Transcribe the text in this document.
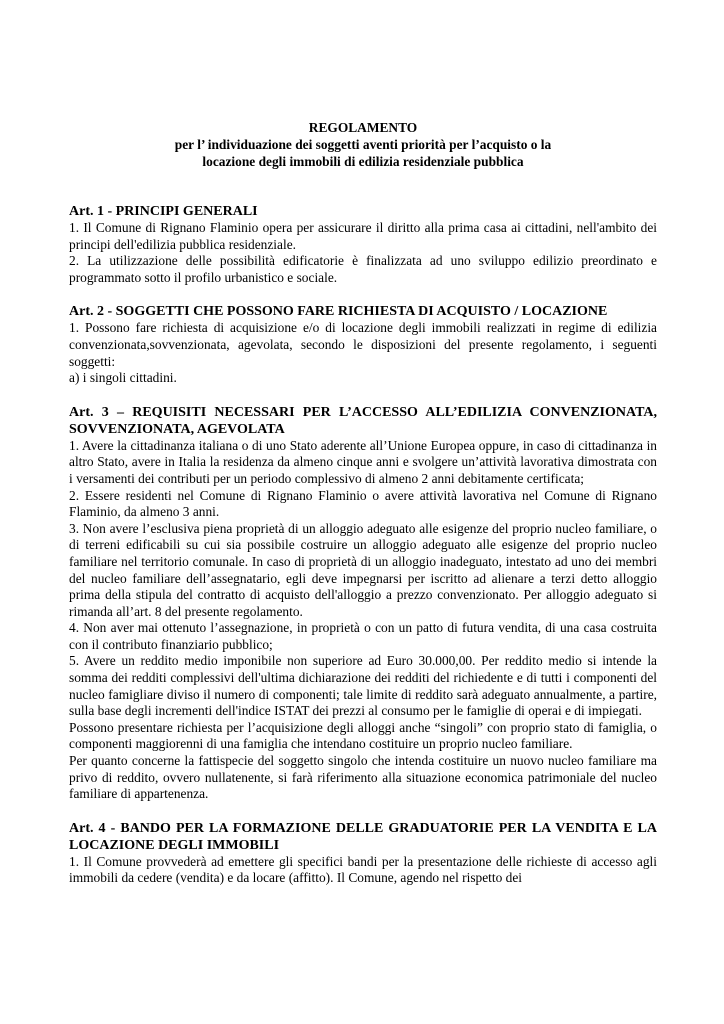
REGOLAMENTO
per l’ individuazione dei soggetti aventi priorità per l’acquisto o la
locazione degli immobili di edilizia residenziale pubblica
Art. 1 - PRINCIPI GENERALI

1. Il Comune di Rignano Flaminio opera per assicurare il diritto alla prima casa ai cittadini, nell'ambito dei principi dell'edilizia pubblica residenziale.

2. La utilizzazione delle possibilità edificatorie è finalizzata ad uno sviluppo edilizio preordinato e programmato sotto il profilo urbanistico e sociale.

Art. 2 - SOGGETTI CHE POSSONO FARE RICHIESTA DI ACQUISTO / LOCAZIONE

1. Possono fare richiesta di acquisizione e/o di locazione degli immobili realizzati in regime di edilizia convenzionata,sovvenzionata, agevolata, secondo le disposizioni del presente regolamento, i seguenti soggetti:

a) i singoli cittadini.

Art. 3 – REQUISITI NECESSARI PER L’ACCESSO ALL’EDILIZIA CONVENZIONATA, SOVVENZIONATA, AGEVOLATA

1. Avere la cittadinanza italiana o di uno Stato aderente all’Unione Europea oppure, in caso di cittadinanza in altro Stato, avere in Italia la residenza da almeno cinque anni e svolgere un’attività lavorativa dimostrata con i versamenti dei contributi per un periodo complessivo di almeno 2 anni debitamente certificata;

2. Essere residenti nel Comune di Rignano Flaminio o avere attività lavorativa nel Comune di Rignano Flaminio, da almeno 3 anni.

3. Non avere l’esclusiva piena proprietà di un alloggio adeguato alle esigenze del proprio nucleo familiare, o di terreni edificabili su cui sia possibile costruire un alloggio adeguato alle esigenze del proprio nucleo familiare nel territorio comunale. In caso di proprietà di un alloggio inadeguato, intestato ad uno dei membri del nucleo familiare dell’assegnatario, egli deve impegnarsi per iscritto ad alienare a terzi detto alloggio prima della stipula del contratto di acquisto dell'alloggio a prezzo convenzionato. Per alloggio adeguato si rimanda all’art. 8 del presente regolamento.

4. Non aver mai ottenuto l’assegnazione, in proprietà o con un patto di futura vendita, di una casa costruita con il contributo finanziario pubblico;

5. Avere un reddito medio imponibile non superiore ad Euro 30.000,00. Per reddito medio si intende la somma dei redditi complessivi dell'ultima dichiarazione dei redditi del richiedente e di tutti i componenti del nucleo famigliare diviso il numero di componenti; tale limite di reddito sarà adeguato annualmente, a partire, sulla base degli incrementi dell'indice ISTAT dei prezzi al consumo per le famiglie di operai e di impiegati.

Possono presentare richiesta per l’acquisizione degli alloggi anche “singoli” con proprio stato di famiglia, o componenti maggiorenni di una famiglia che intendano costituire un proprio nucleo familiare.

Per quanto concerne la fattispecie del soggetto singolo che intenda costituire un nuovo nucleo familiare ma privo di reddito, ovvero nullatenente, si farà riferimento alla situazione economica patrimoniale del nucleo familiare di appartenenza.

Art. 4 - BANDO PER LA FORMAZIONE DELLE GRADUATORIE PER LA VENDITA E LA LOCAZIONE DEGLI IMMOBILI

1. Il Comune provvederà ad emettere gli specifici bandi per la presentazione delle richieste di accesso agli immobili da cedere (vendita) e da locare (affitto). Il Comune, agendo nel rispetto dei
